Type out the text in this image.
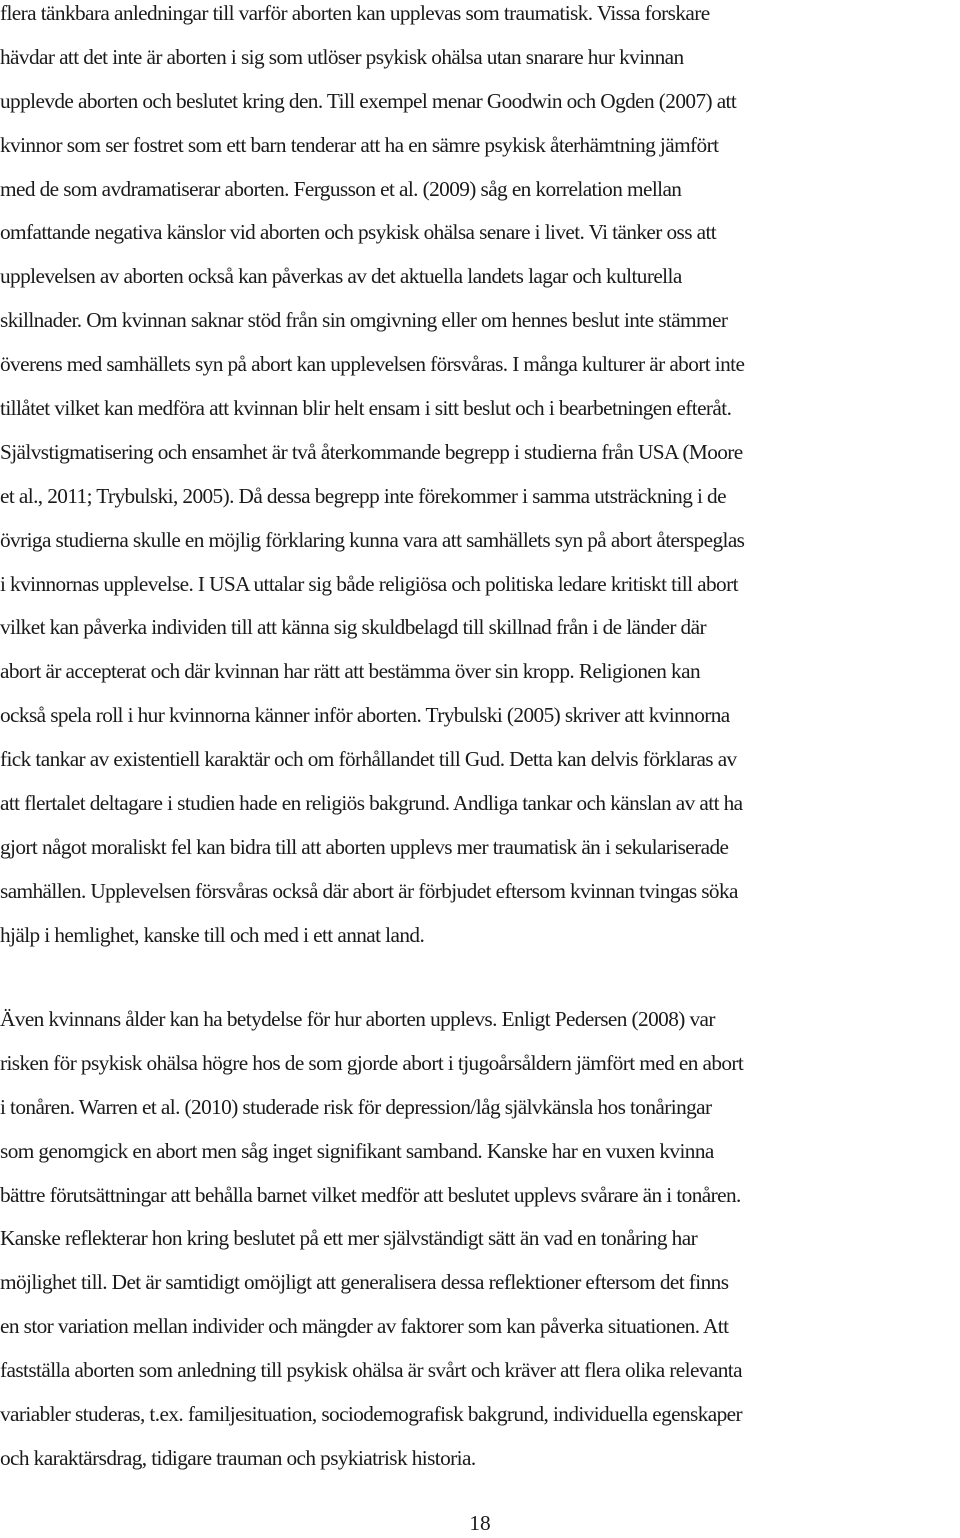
flera tänkbara anledningar till varför aborten kan upplevas som traumatisk. Vissa forskare
hävdar att det inte är aborten i sig som utlöser psykisk ohälsa utan snarare hur kvinnan
upplevde aborten och beslutet kring den. Till exempel menar Goodwin och Ogden (2007) att
kvinnor som ser fostret som ett barn tenderar att ha en sämre psykisk återhämtning jämfört
med de som avdramatiserar aborten. Fergusson et al. (2009) såg en korrelation mellan
omfattande negativa känslor vid aborten och psykisk ohälsa senare i livet. Vi tänker oss att
upplevelsen av aborten också kan påverkas av det aktuella landets lagar och kulturella
skillnader. Om kvinnan saknar stöd från sin omgivning eller om hennes beslut inte stämmer
överens med samhällets syn på abort kan upplevelsen försvåras. I många kulturer är abort inte
tillåtet vilket kan medföra att kvinnan blir helt ensam i sitt beslut och i bearbetningen efteråt.
Självstigmatisering och ensamhet är två återkommande begrepp i studierna från USA (Moore
et al., 2011; Trybulski, 2005). Då dessa begrepp inte förekommer i samma utsträckning i de
övriga studierna skulle en möjlig förklaring kunna vara att samhällets syn på abort återspeglas
i kvinnornas upplevelse. I USA uttalar sig både religiösa och politiska ledare kritiskt till abort
vilket kan påverka individen till att känna sig skuldbelagd till skillnad från i de länder där
abort är accepterat och där kvinnan har rätt att bestämma över sin kropp. Religionen kan
också spela roll i hur kvinnorna känner inför aborten. Trybulski (2005) skriver att kvinnorna
fick tankar av existentiell karaktär och om förhållandet till Gud. Detta kan delvis förklaras av
att flertalet deltagare i studien hade en religiös bakgrund. Andliga tankar och känslan av att ha
gjort något moraliskt fel kan bidra till att aborten upplevs mer traumatisk än i sekulariserade
samhällen. Upplevelsen försvåras också där abort är förbjudet eftersom kvinnan tvingas söka
hjälp i hemlighet, kanske till och med i ett annat land.

Även kvinnans ålder kan ha betydelse för hur aborten upplevs. Enligt Pedersen (2008) var
risken för psykisk ohälsa högre hos de som gjorde abort i tjugoårsåldern jämfört med en abort
i tonåren. Warren et al. (2010) studerade risk för depression/låg självkänsla hos tonåringar
som genomgick en abort men såg inget signifikant samband. Kanske har en vuxen kvinna
bättre förutsättningar att behålla barnet vilket medför att beslutet upplevs svårare än i tonåren.
Kanske reflekterar hon kring beslutet på ett mer självständigt sätt än vad en tonåring har
möjlighet till. Det är samtidigt omöjligt att generalisera dessa reflektioner eftersom det finns
en stor variation mellan individer och mängder av faktorer som kan påverka situationen. Att
fastställa aborten som anledning till psykisk ohälsa är svårt och kräver att flera olika relevanta
variabler studeras, t.ex. familjesituation, sociodemografisk bakgrund, individuella egenskaper
och karaktärsdrag, tidigare trauman och psykiatrisk historia.

18
